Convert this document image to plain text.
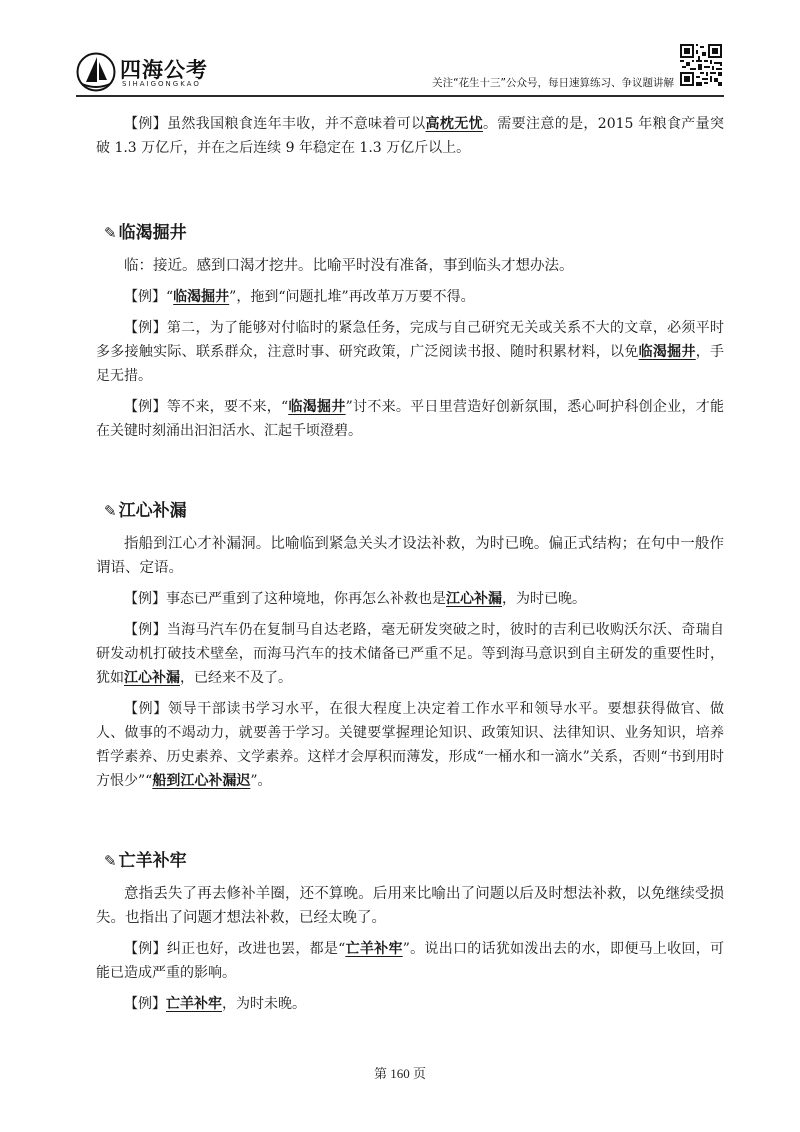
四海公考
SIHAIGONGKAO	关注“花生十三”公众号，每日速算练习、争议题讲解

【例】虽然我国粮食连年丰收，并不意味着可以高枕无忧。需要注意的是，2015 年粮食产量突破 1.3 万亿斤，并在之后连续 9 年稳定在 1.3 万亿斤以上。

✎ 临渴掘井

临：接近。感到口渴才挖井。比喻平时没有准备，事到临头才想办法。

【例】“临渴掘井”，拖到“问题扎堆”再改革万万要不得。

【例】第二，为了能够对付临时的紧急任务，完成与自己研究无关或关系不大的文章，必须平时多多接触实际、联系群众，注意时事、研究政策，广泛阅读书报、随时积累材料，以免临渴掘井，手足无措。

【例】等不来，要不来，“临渴掘井”讨不来。平日里营造好创新氛围，悉心呵护科创企业，才能在关键时刻涌出汩汩活水、汇起千顷澄碧。

✎ 江心补漏

指船到江心才补漏洞。比喻临到紧急关头才设法补救，为时已晚。偏正式结构；在句中一般作谓语、定语。

【例】事态已严重到了这种境地，你再怎么补救也是江心补漏，为时已晚。

【例】当海马汽车仍在复制马自达老路，毫无研发突破之时，彼时的吉利已收购沃尔沃、奇瑞自研发动机打破技术壁垒，而海马汽车的技术储备已严重不足。等到海马意识到自主研发的重要性时，犹如江心补漏，已经来不及了。

【例】领导干部读书学习水平，在很大程度上决定着工作水平和领导水平。要想获得做官、做人、做事的不竭动力，就要善于学习。关键要掌握理论知识、政策知识、法律知识、业务知识，培养哲学素养、历史素养、文学素养。这样才会厚积而薄发，形成“一桶水和一滴水”关系，否则“书到用时方恨少”“船到江心补漏迟”。

✎ 亡羊补牢

意指丢失了再去修补羊圈，还不算晚。后用来比喻出了问题以后及时想法补救，以免继续受损失。也指出了问题才想法补救，已经太晚了。

【例】纠正也好，改进也罢，都是“亡羊补牢”。说出口的话犹如泼出去的水，即便马上收回，可能已造成严重的影响。

【例】亡羊补牢，为时未晚。

第 160 页
